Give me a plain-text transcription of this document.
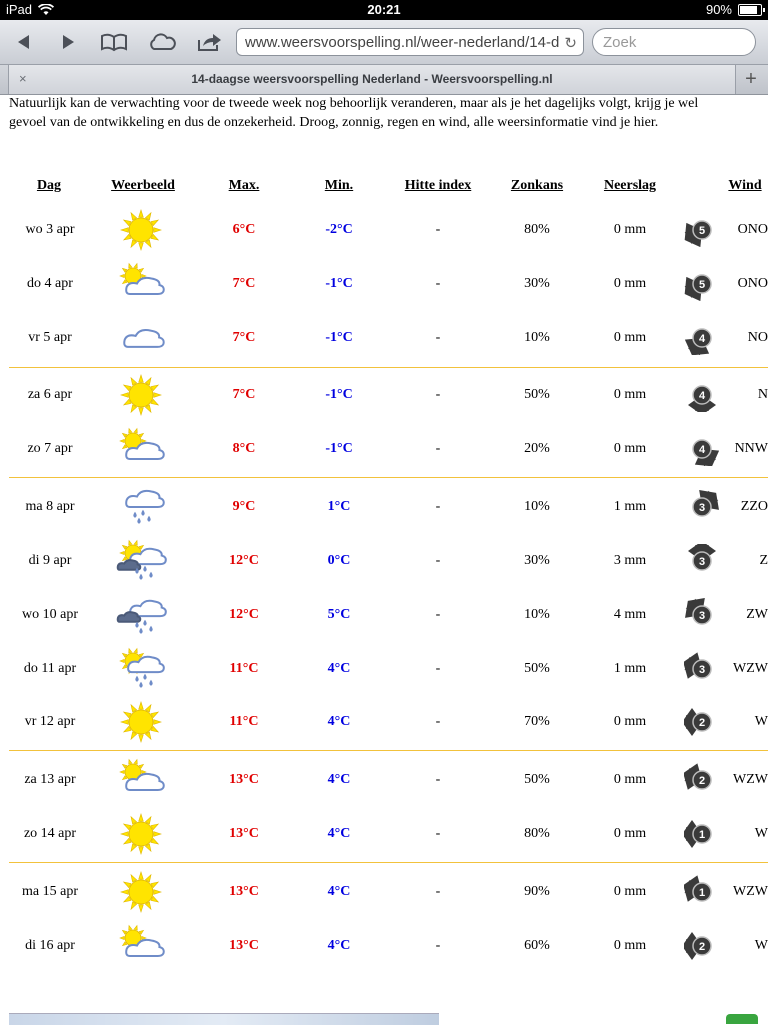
iPad	20:21	90%
www.weersvoorspelling.nl/weer-nederland/14-d ↻	Zoek
×	14-daagse weersvoorspelling Nederland - Weersvoorspelling.nl	+
Natuurlijk kan de verwachting voor de tweede week nog behoorlijk veranderen, maar als je het dagelijks volgt, krijg je wel
gevoel van de ontwikkeling en dus de onzekerheid. Droog, zonnig, regen en wind, alle weersinformatie vind je hier.
Dag	Weerbeeld	Max.	Min.	Hitte index	Zonkans	Neerslag	Wind
wo 3 apr	6°C	-2°C	-	80%	0 mm	5	ONO
do 4 apr	7°C	-1°C	-	30%	0 mm	5	ONO
vr 5 apr	7°C	-1°C	-	10%	0 mm	4	NO
za 6 apr	7°C	-1°C	-	50%	0 mm	4	N
zo 7 apr	8°C	-1°C	-	20%	0 mm	4	NNW
ma 8 apr	9°C	1°C	-	10%	1 mm	3	ZZO
di 9 apr	12°C	0°C	-	30%	3 mm	3	Z
wo 10 apr	12°C	5°C	-	10%	4 mm	3	ZW
do 11 apr	11°C	4°C	-	50%	1 mm	3	WZW
vr 12 apr	11°C	4°C	-	70%	0 mm	2	W
za 13 apr	13°C	4°C	-	50%	0 mm	2	WZW
zo 14 apr	13°C	4°C	-	80%	0 mm	1	W
ma 15 apr	13°C	4°C	-	90%	0 mm	1	WZW
di 16 apr	13°C	4°C	-	60%	0 mm	2	W
